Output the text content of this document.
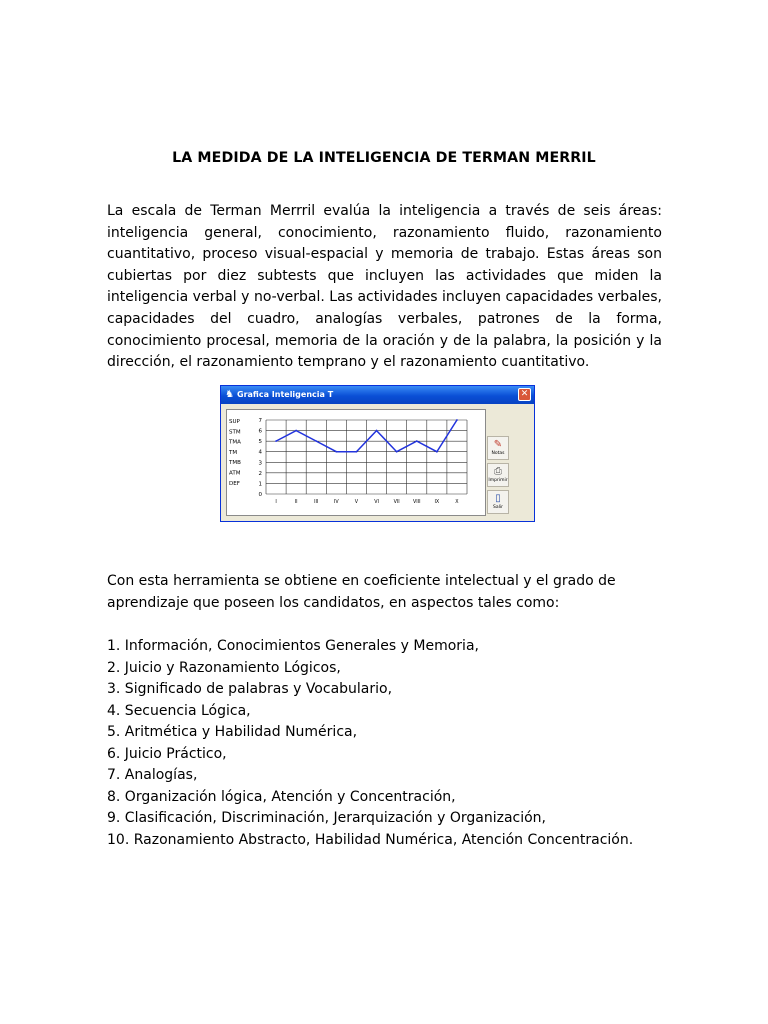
LA MEDIDA DE LA INTELIGENCIA DE TERMAN MERRIL
La escala de Terman Merrril evalúa la inteligencia a través de seis áreas: inteligencia general, conocimiento, razonamiento fluido, razonamiento cuantitativo, proceso visual-espacial y memoria de trabajo. Estas áreas son cubiertas por diez subtests que incluyen las actividades que miden la inteligencia verbal y no-verbal. Las actividades incluyen capacidades verbales, capacidades del cuadro, analogías verbales, patrones de la forma, conocimiento procesal, memoria de la oración y de la palabra, la posición y la dirección, el razonamiento temprano y el razonamiento cuantitativo.
♞ Grafica Inteligencia T	✕
0
1
2
3
4
5
6
7
I	II	III	IV	V	VI	VII	VIII	IX	X
SUP
STM
TMA
TM
TMB
ATM
DEF
✎
Notas
⎙
Imprimir
▯
Salir
Con esta herramienta se obtiene en coeficiente intelectual y el grado de aprendizaje que poseen los candidatos, en aspectos tales como:
1. Información, Conocimientos Generales y Memoria,
2. Juicio y Razonamiento Lógicos,
3. Significado de palabras y Vocabulario,
4. Secuencia Lógica,
5. Aritmética y Habilidad Numérica,
6. Juicio Práctico,
7. Analogías,
8. Organización lógica, Atención y Concentración,
9. Clasificación, Discriminación, Jerarquización y Organización,
10. Razonamiento Abstracto, Habilidad Numérica, Atención Concentración.
